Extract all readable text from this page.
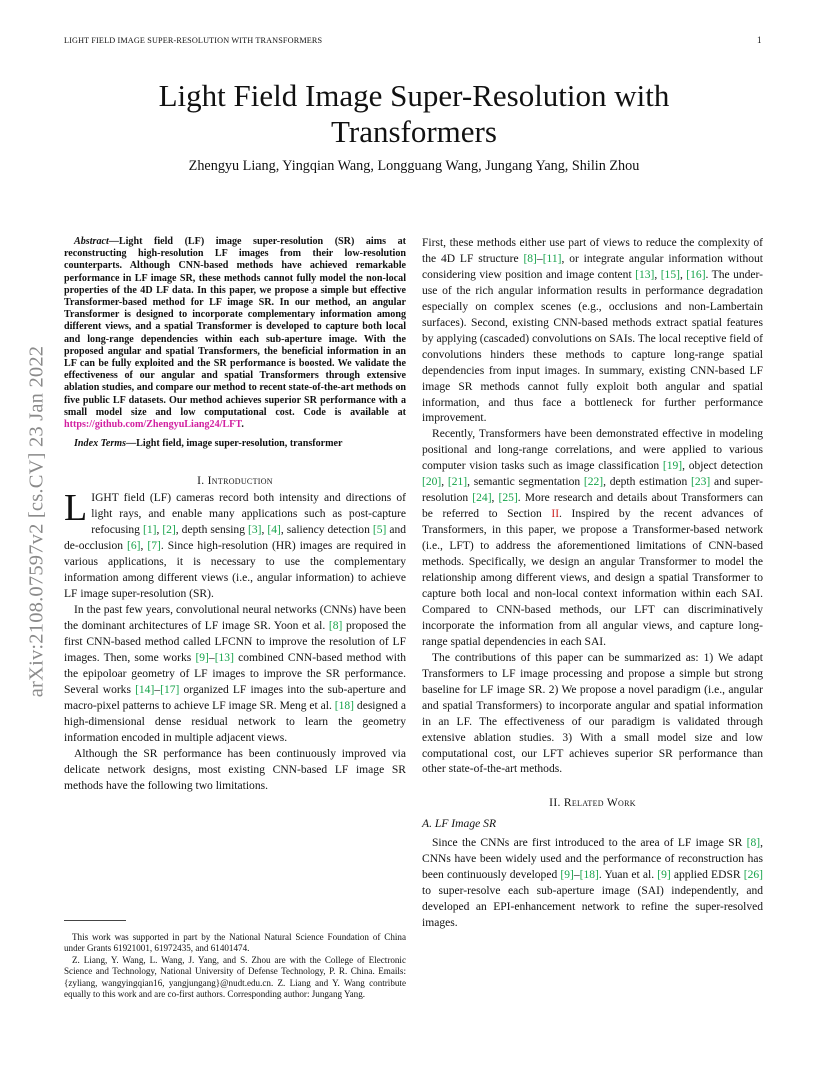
LIGHT FIELD IMAGE SUPER-RESOLUTION WITH TRANSFORMERS	1
arXiv:2108.07597v2 [cs.CV] 23 Jan 2022
Light Field Image Super-Resolution with
Transformers
Zhengyu Liang, Yingqian Wang, Longguang Wang, Jungang Yang, Shilin Zhou

Abstract—Light field (LF) image super-resolution (SR) aims at reconstructing high-resolution LF images from their low-resolution counterparts. Although CNN-based methods have achieved remarkable performance in LF image SR, these methods cannot fully model the non-local properties of the 4D LF data. In this paper, we propose a simple but effective Transformer-based method for LF image SR. In our method, an angular Transformer is designed to incorporate complementary information among different views, and a spatial Transformer is developed to capture both local and long-range dependencies within each sub-aperture image. With the proposed angular and spatial Transformers, the beneficial information in an LF can be fully exploited and the SR performance is boosted. We validate the effectiveness of our angular and spatial Transformers through extensive ablation studies, and compare our method to recent state-of-the-art methods on five public LF datasets. Our method achieves superior SR performance with a small model size and low computational cost. Code is available at https://github.com/ZhengyuLiang24/LFT.

Index Terms—Light field, image super-resolution, transformer

I. Introduction

LIGHT field (LF) cameras record both intensity and directions of light rays, and enable many applications such as post-capture refocusing [1], [2], depth sensing [3], [4], saliency detection [5] and de-occlusion [6], [7]. Since high-resolution (HR) images are required in various applications, it is necessary to use the complementary information among different views (i.e., angular information) to achieve LF image super-resolution (SR).

In the past few years, convolutional neural networks (CNNs) have been the dominant architectures of LF image SR. Yoon et al. [8] proposed the first CNN-based method called LFCNN to improve the resolution of LF images. Then, some works [9]–[13] combined CNN-based method with the epipoloar geometry of LF images to improve the SR performance. Several works [14]–[17] organized LF images into the sub-aperture and macro-pixel patterns to achieve LF image SR. Meng et al. [18] designed a high-dimensional dense residual network to learn the geometry information encoded in multiple adjacent views.

Although the SR performance has been continuously improved via delicate network designs, most existing CNN-based LF image SR methods have the following two limitations.

This work was supported in part by the National Natural Science Foundation of China under Grants 61921001, 61972435, and 61401474.

Z. Liang, Y. Wang, L. Wang, J. Yang, and S. Zhou are with the College of Electronic Science and Technology, National University of Defense Technology, P. R. China. Emails: {zyliang, wangyingqian16, yangjungang}@nudt.edu.cn. Z. Liang and Y. Wang contribute equally to this work and are co-first authors. Corresponding author: Jungang Yang.

First, these methods either use part of views to reduce the complexity of the 4D LF structure [8]–[11], or integrate angular information without considering view position and image content [13], [15], [16]. The under-use of the rich angular information results in performance degradation especially on complex scenes (e.g., occlusions and non-Lambertain surfaces). Second, existing CNN-based methods extract spatial features by applying (cascaded) convolutions on SAIs. The local receptive field of convolutions hinders these methods to capture long-range spatial dependencies from input images. In summary, existing CNN-based LF image SR methods cannot fully exploit both angular and spatial information, and thus face a bottleneck for further performance improvement.

Recently, Transformers have been demonstrated effective in modeling positional and long-range correlations, and were applied to various computer vision tasks such as image classification [19], object detection [20], [21], semantic segmentation [22], depth estimation [23] and super-resolution [24], [25]. More research and details about Transformers can be referred to Section II. Inspired by the recent advances of Transformers, in this paper, we propose a Transformer-based network (i.e., LFT) to address the aforementioned limitations of CNN-based methods. Specifically, we design an angular Transformer to model the relationship among different views, and design a spatial Transformer to capture both local and non-local context information within each SAI. Compared to CNN-based methods, our LFT can discriminatively incorporate the information from all angular views, and capture long-range spatial dependencies in each SAI.

The contributions of this paper can be summarized as: 1) We adapt Transformers to LF image processing and propose a simple but strong baseline for LF image SR. 2) We propose a novel paradigm (i.e., angular and spatial Transformers) to incorporate angular and spatial information in an LF. The effectiveness of our paradigm is validated through extensive ablation studies. 3) With a small model size and low computational cost, our LFT achieves superior SR performance than other state-of-the-art methods.

II. Related Work
A. LF Image SR

Since the CNNs are first introduced to the area of LF image SR [8], CNNs have been widely used and the performance of reconstruction has been continuously developed [9]–[18]. Yuan et al. [9] applied EDSR [26] to super-resolve each sub-aperture image (SAI) independently, and developed an EPI-enhancement network to refine the super-resolved images.
